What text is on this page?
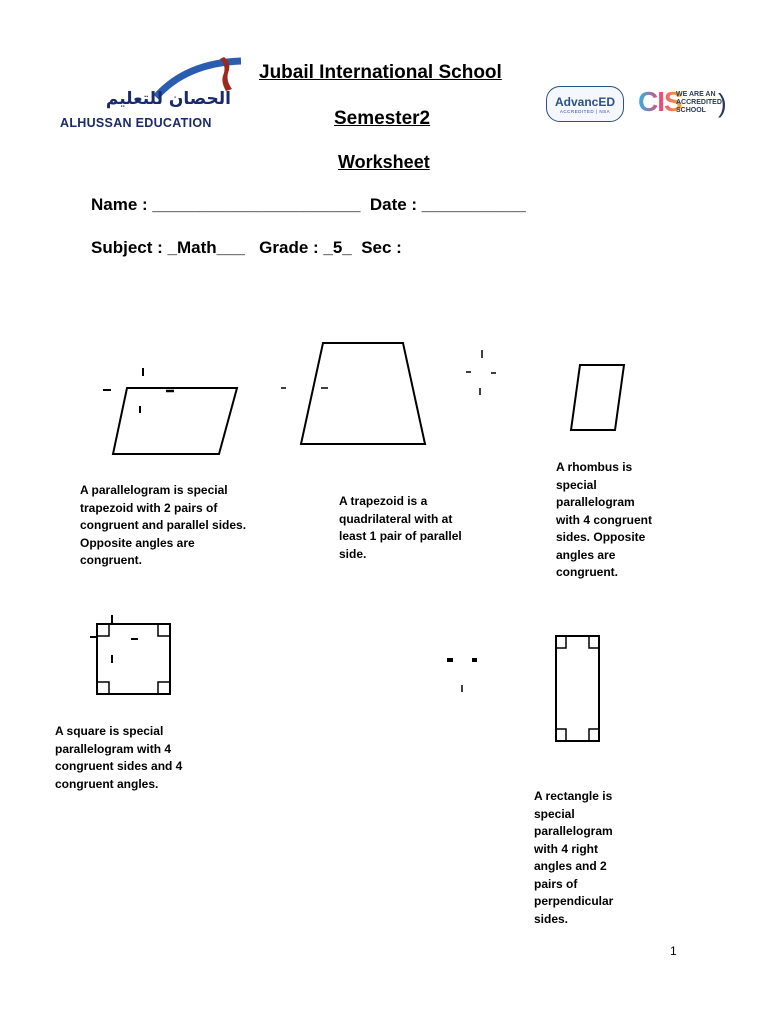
الحصان للتعليم
ALHUSSAN EDUCATION
Jubail International School
Semester2
Worksheet
AdvancED
ACCREDITED | NSA CIS
WE ARE AN
ACCREDITED
SCHOOL )
Name : ______________________  Date : ___________
Subject : _Math___   Grade : _5_  Sec :
A parallelogram is special trapezoid with 2 pairs of congruent and parallel sides. Opposite angles are congruent.
A trapezoid is a quadrilateral with at least 1 pair of parallel side.
A rhombus is special parallelogram with 4 congruent sides. Opposite angles are congruent.
A square is special parallelogram with 4 congruent sides and 4 congruent angles.
A rectangle is special parallelogram with 4 right angles and 2 pairs of perpendicular sides.
1
